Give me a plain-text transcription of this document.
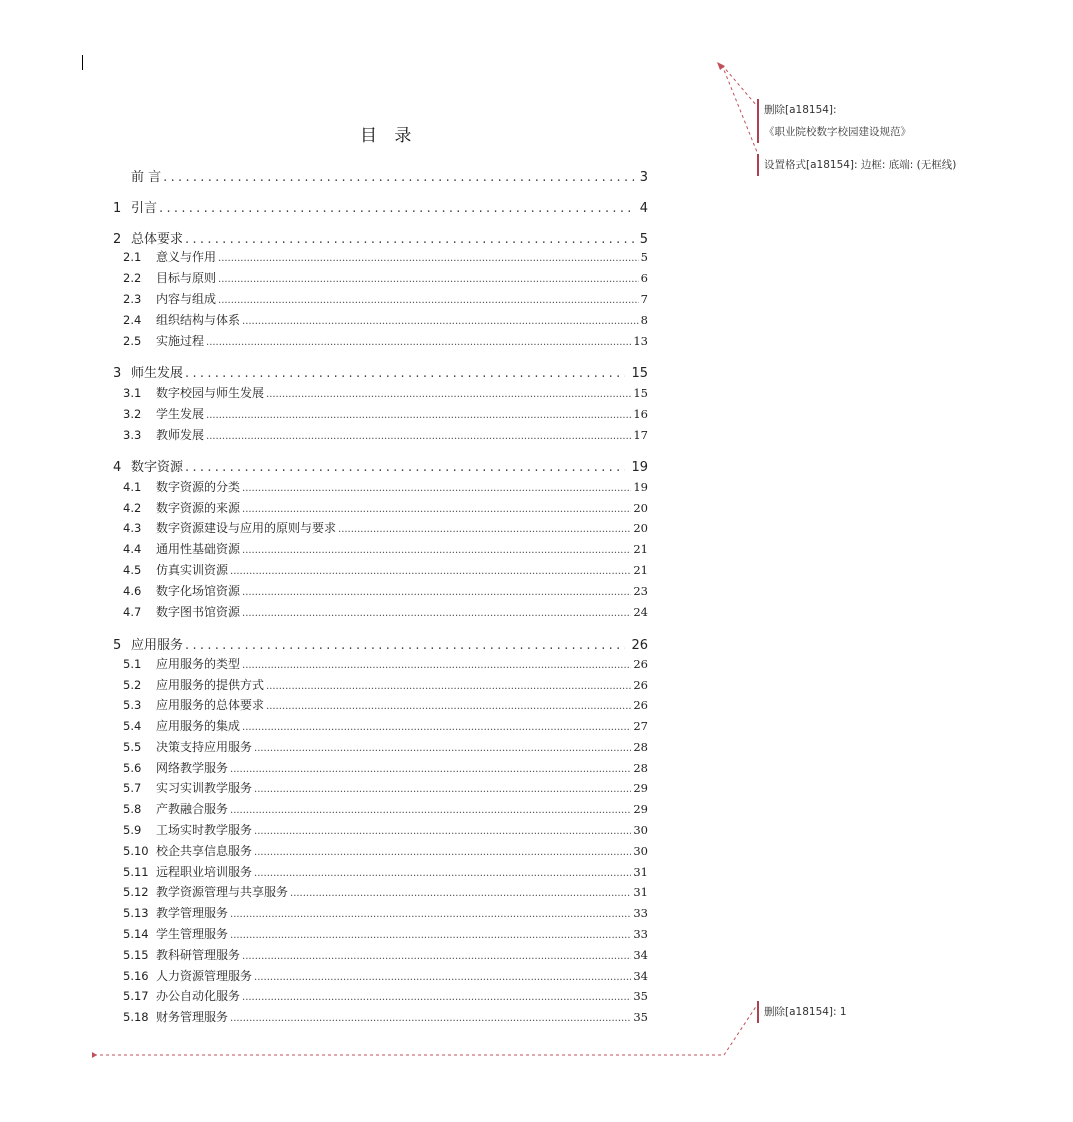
目 录
前 言 .....	3
1 引言 .....	4
2 总体要求 .....	5
2.1	意义与作用 .....	5
2.2	目标与原则 .....	6
2.3	内容与组成 .....	7
2.4	组织结构与体系 .....	8
2.5	实施过程 .....	13
3 师生发展 .....	15
3.1	数字校园与师生发展 .....	15
3.2	学生发展 .....	16
3.3	教师发展 .....	17
4 数字资源 .....	19
4.1	数字资源的分类 .....	19
4.2	数字资源的来源 .....	20
4.3	数字资源建设与应用的原则与要求 .....	20
4.4	通用性基础资源 .....	21
4.5	仿真实训资源 .....	21
4.6	数字化场馆资源 .....	23
4.7	数字图书馆资源 .....	24
5 应用服务 .....	26
5.1	应用服务的类型 .....	26
5.2	应用服务的提供方式 .....	26
5.3	应用服务的总体要求 .....	26
5.4	应用服务的集成 .....	27
5.5	决策支持应用服务 .....	28
5.6	网络教学服务 .....	28
5.7	实习实训教学服务 .....	29
5.8	产教融合服务 .....	29
5.9	工场实时教学服务 .....	30
5.10 校企共享信息服务 .....	30
5.11 远程职业培训服务 .....	31
5.12 教学资源管理与共享服务 .....	31
5.13 教学管理服务 .....	33
5.14 学生管理服务 .....	33
5.15 教科研管理服务 .....	34
5.16 人力资源管理服务 .....	34
5.17 办公自动化服务 .....	35
5.18 财务管理服务 .....	35
删除[a18154]:
《职业院校数字校园建设规范》
设置格式[a18154]: 边框: 底端: (无框线)
删除[a18154]: 1
